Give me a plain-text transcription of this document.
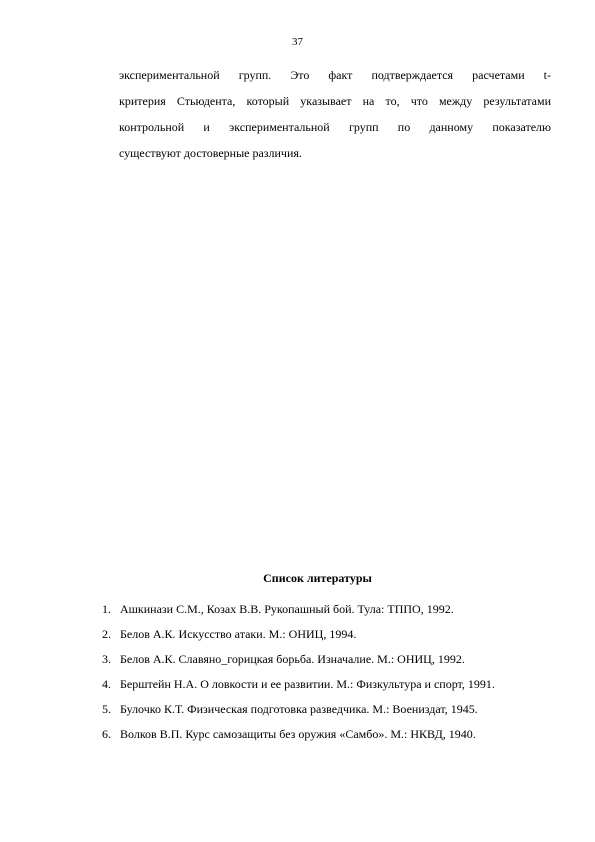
37
экспериментальной групп. Это факт подтверждается расчетами t-
критерия Стьюдента, который указывает на то, что между результатами
контрольной и экспериментальной групп по данному показателю
существуют достоверные различия.
Список литературы
1. Ашкинази С.М., Козах В.В. Рукопашный бой. Тула: ТППО, 1992.
2. Белов А.К. Искусство атаки. М.: ОНИЦ, 1994.
3. Белов А.К. Славяно_горицкая борьба. Изначалие. М.: ОНИЦ, 1992.
4. Берштейн Н.А. О ловкости и ее развитии. М.: Физкультура и спорт, 1991.
5. Булочко К.Т. Физическая подготовка разведчика. М.: Воениздат, 1945.
6. Волков В.П. Курс самозащиты без оружия «Самбо». М.: НКВД, 1940.
